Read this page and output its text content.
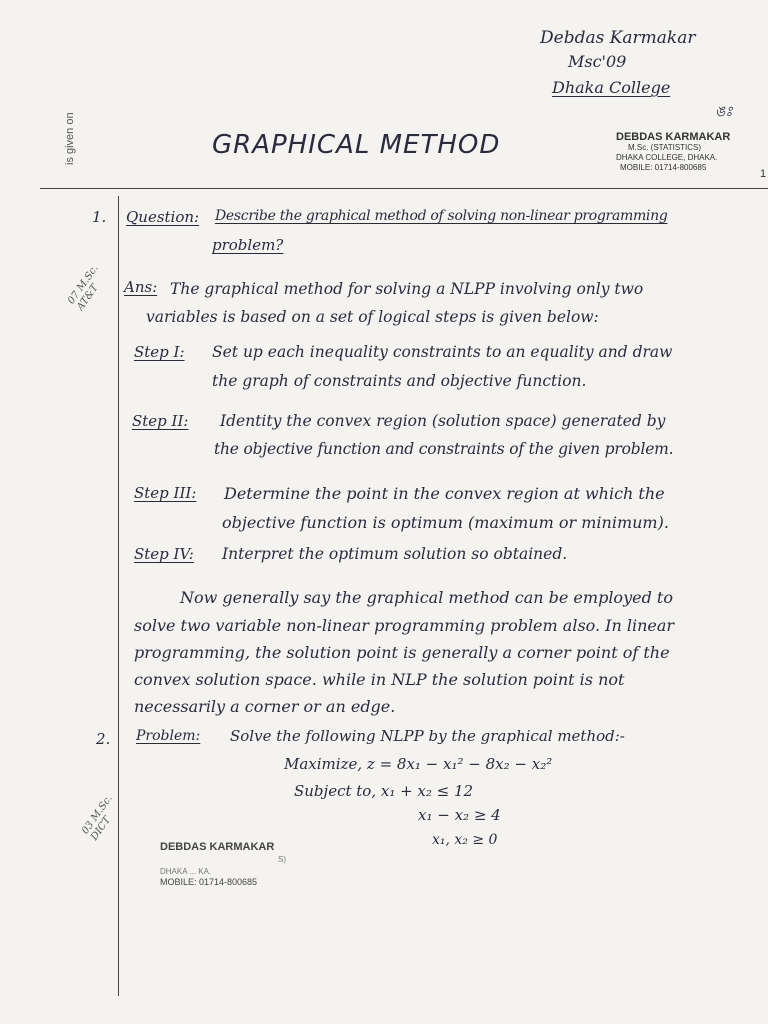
Debdas Karmakar
Msc'09
Dhaka College
ঙঃ
is given on	GRAPHICAL METHOD	DEBDAS KARMAKAR
M.Sc. (STATISTICS)
DHAKA COLLEGE, DHAKA.
MOBILE: 01714-800685
1
1. Question: Describe the graphical method of solving non-linear programming
problem?
07 M.Sc. AT&T	Ans: The graphical method for solving a NLPP involving only two
variables is based on a set of logical steps is given below:
Step I: Set up each inequality constraints to an equality and draw
the graph of constraints and objective function.
Step II: Identity the convex region (solution space) generated by
the objective function and constraints of the given problem.
Step III: Determine the point in the convex region at which the
objective function is optimum (maximum or minimum).
Step IV: Interpret the optimum solution so obtained.
Now generally say the graphical method can be employed to
solve two variable non-linear programming problem also. In linear
programming, the solution point is generally a corner point of the
convex solution space. while in NLP the solution point is not
necessarily a corner or an edge.
2. Problem: Solve the following NLPP by the graphical method:-
03 M.Sc. DICT
Maximize, z = 8x₁ − x₁² − 8x₂ − x₂²
Subject to, x₁ + x₂ ≤ 12
x₁ − x₂ ≥ 4
x₁, x₂ ≥ 0
DEBDAS KARMAKAR
S)
DHAKA ... KA.
MOBILE: 01714-800685
